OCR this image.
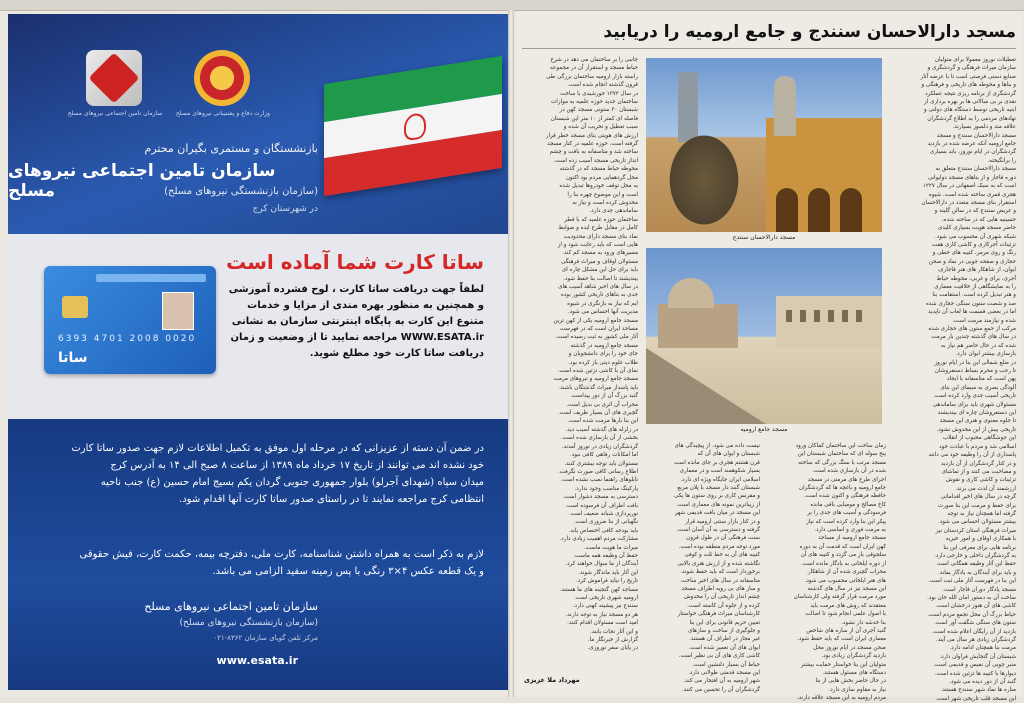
سازمان تامین اجتماعی نیروهای مسلح	وزارت دفاع و پشتیبانی نیروهای مسلح
بازنشستگان و مستمری بگیران محترم
سازمان تامین اجتماعی نیروهای مسلح	(سازمان بازنشستگی نیروهای مسلح)
در شهرستان کرج
6393 4701 2008 0020
ساتا
ساتا کارت شما آماده است
لطفاً جهت دریافت ساتا کارت ، لوح فشرده آموزشی
و همچنین به منظور بهره مندی از مزایا و خدمات
متنوع این کارت به پایگاه اینترنتی سازمان به نشانی
WWW.ESATA.ir مراجعه نمایید تا از وضعیت و زمان
دریافت ساتا کارت خود مطلع شوید.
در ضمن آن دسته از عزیزانی که در مرحله اول موفق به تکمیل اطلاعات لازم جهت صدور ساتا کارت
خود نشده اند می توانند از تاریخ ۱۷ خرداد ماه ۱۳۸۹ از ساعت ۸ صبح الی ۱۴ به آدرس کرج
میدان سپاه (شهدای آجرلو) بلوار جمهوری جنوبی گردان یکم بسیج امام حسین (ع) جنب ناحیه
انتظامی کرج مراجعه نمایند تا در راستای صدور ساتا کارت آنها اقدام شود.
لازم به ذکر است به همراه داشتن شناسنامه، کارت ملی، دفترچه بیمه، حکمت کارت، فیش حقوقی
و یک قطعه عکس ۴×۳ رنگی با پس زمینه سفید الزامی می باشد.
سازمان تامین اجتماعی نیروهای مسلح
(سازمان بازنشستگی نیروهای مسلح)
مرکز تلفن گویای سازمان ۸۳۶۲-۰۲۱
www.esata.ir
مسجد دارالاحسان سنندج و جامع ارومیه را دریابید
تعطیلات نوروز معمولا برای متولیان
سازمان میراث فرهنگی و گردشگری و
صنایع دستی فرصتی است تا با عرضه آثار
و بناها و محوطه های تاریخی و فرهنگی و
گردشگری از برنامه ریزی نتیجه عملکرد
نقدی بر بی مبالاتی ها بر بهره برداری از
ابنیه تاریخی توسط دستگاه های دولتی و
نهادهای مردمی را به اطلاع گردشگران
علاقه مند و دلسوز بسپارند.
مسجد دارالاحسان سنندج و مسجد
جامع ارومیه آنکه عرضه شده در بازدید
گردشگران در ایام نوروز، باید بسیاری
را برانگیخته.
مسجد دارالاحسان سنندج متعلق به
دوره قاجار و از بناهای مسجد دوایوانی
است که به سبک اصفهانی در سال ۱۲۲۷
هجری قمری ساخته شده است. شیوه
استقرار بنای مسجد متعدد در دارالاحسان
و عریض سنندج که در سالن گلبند و
حسینیه هایی که در ساخته شده،
حاضر مسجد هویت بسیاری کلیدی
شبکه شهری آن محسوب می شود.
تزئینات آجرکاری و کاشی کاری هفت
رنگ و روی مرمر، کتیبه های خطی و
حجاری و صفحه جوبی در نماد و صحن
ایوان، از شاهکار های هنر قاجاری،
آجری، برای و غربی، محوطه حیاط
را به نمایشگاهی از خلاقیت معماری
و هنر تبدیل کرده است. استقامت بنا
صد و شصت ستون سنگی حجاری شده
اما در بعضی قسمت ها لعاب آن ناپدید
شده و نیازمند مرمت است.
مرکب از جمع ستون های حجاری شده
در سال های گذشته چندین بار مرمت
شده که در حال حاضر هم نیاز به
بازسازی بیشتر ایوان دارد.
در ضلع شمالی این بنا در ایام نوروز
تا رجب و محرم بساط دستفروشان
پهن است که متاسفانه با ایجاد
آلودگی بصری به سیمای این بنای
تاریخی آسیب جدی وارد کرده است.
مسئولان شهری باید برای ساماندهی
این دستفروشان چاره ای بیندیشند
تا جلوه معنوی و هنری این مسجد
تاریخی بیش از این مخدوش نشود.
این جوشگاهی محبوب از انقلاب
اسلامی شد و مردم با عبادت خود
پاسداری از آن را وظیفه خود می دانند
و در کنار گردشگران از آن بازدید
و مصاحبت می کنند و از تماشای
تزئینات و کاشی کاری و نقوش
ارزشمند آن لذت می برند.
گرچه در سال های اخیر اقداماتی
برای حفظ و مرمت این بنا صورت
گرفته اما همچنان نیاز به توجه
بیشتر مسئولان احساس می شود.
میراث فرهنگی استان کردستان نیز
با همکاری اوقاف و امور خیریه
برنامه هایی برای معرفی این بنا
به گردشگران داخلی و خارجی دارد.
حفظ این آثار وظیفه همگانی است
و باید برای آیندگان به یادگار بماند.
این بنا در فهرست آثار ملی ثبت است.
مسجد یادگار دوران قاجار است.
ساخت آن به دستور امان الله خان بود.
کاشی های آن هنوز درخشان است.
حیاط بزرگ آن محل تجمع مردم است.
ستون های سنگی شگفت آور است.
بازدید از آن رایگان اعلام شده است.
گردشگران زیادی هر سال می آیند.
مرمت بنا همچنان ادامه دارد.
شبستان آن گنجایش فراوان دارد.
منبر چوبی آن نفیس و قدیمی است.
دیوارها با کتیبه ها تزئین شده است.
گنبد آن از دور دیده می شود.
مناره ها نماد شهر سنندج هستند.
این مسجد قلب تاریخی شهر است.
جانبی را بر ساختمان می دهد در شرح
حیاط مسجد و استقرار آن در مجموعه
راسته بازار ارومیه ساختمان بزرگی طی
قرون گذشته انجام شده است.
در سال ۱۳۷۲ خورشیدی با ساخت
ساختمان جدید حوزه علمیه به موازات
شبستان ۳۰ ستونی مسجد کهن در
فاصله ای کمتر از ۱۰ متر این شبستان
سبب تعطیل و تخریب آن شده و
ارزش های هویتی بنای مسجد خطر قرار
گرفته است. حوزه علمیه در کنار مسجد
ساخته شد و متاسفانه به بافت و چشم
انداز تاریخی مسجد آسیب زده است.
محوطه حیاط مسجد که در گذشته
محل گردهمایی مردم بود اکنون
به محل توقف خودروها تبدیل شده
است و این موضوع چهره بنا را
مخدوش کرده است و نیاز به
ساماندهی جدی دارد.
ساختمان حوزه علمیه که با قطر
کامل در مقابل طرح ایده و ضوابط
نماد بنای مسجد دارای محدودیت
هایی است که باید رعایت شود و از
مسیرهای ورود به مسجد کم کند.
مسئولان اوقاف و میراث فرهنگی
باید برای حل این مشکل چاره ای
بیندیشند تا اصالت بنا حفظ شود.
در سال های اخیر شاهد آسیب های
جدی به بناهای تاریخی کشور بوده
ایم که نیاز به بازنگری در شیوه
مدیریت آنها احساس می شود.
مسجد جامع ارومیه یکی از کهن ترین
مساجد ایران است که در فهرست
آثار ملی کشور به ثبت رسیده است.
مسجد جامع ارومیه در گذشته
جای خود را برای دانشجویان و
طلاب علوم دینی باز کرده بود.
نمای آن با کاشی تزئین شده است.
مسجد جامع ارومیه و نیروهای مرمت
باید پاسدار میراث گذشتگان باشند.
گنبد بزرگ آن از دور پیداست.
محراب آن اثری بی بدیل است.
گچبری های آن بسیار ظریف است.
این بنا بارها مرمت شده است.
در زلزله های گذشته آسیب دید.
بخشی از آن بازسازی شده است.
گردشگران زیادی در نوروز آمدند.
اما امکانات رفاهی کافی نبود.
مسئولان باید توجه بیشتری کنند.
اطلاع رسانی کافی صورت نگرفت.
تابلوهای راهنما نصب نشده است.
پارکینگ مناسب وجود ندارد.
دسترسی به مسجد دشوار است.
بافت اطراف آن فرسوده است.
نورپردازی شبانه ضعیف است.
نگهبانی از بنا ضروری است.
باید بودجه کافی اختصاص یابد.
مشارکت مردم اهمیت زیادی دارد.
میراث ما هویت ماست.
حفظ آن وظیفه همه ماست.
آیندگان از ما سوال خواهند کرد.
این آثار باید ماندگار شوند.
تاریخ را نباید فراموش کرد.
مساجد کهن گنجینه های ما هستند.
ارومیه شهری تاریخی است.
سنندج نیز پیشینه کهنی دارد.
هر دو مسجد نیاز به توجه دارند.
امید است مسئولان اقدام کنند.
و این آثار نجات یابند.
گزارش از خبرنگار ما.
در پایان سفر نوروزی.
زمان ساخت این ساختمان کماکان ورود
پنج سوله ای که ساختمان شبستان این
مسجد مرتب با سنگ بزرگی که ساخته
شده در آن بازسازی شده است.
اجرای طرح های مرمتی در مسجد
جامع ارومیه و باغچه ها که گردشگران
حافظه فرهنگی و اکنون شده است.
کاخ مصالح و مومیایی باقی مانده
فرسودگی و آسیب های جدی را بر
پیکر این بنا وارد کرده است که نیاز
به مرمت فوری و اساسی دارد.
مسجد جامع ارومیه از مساجد
کهن ایران است که قدمت آن به دوره
سلجوقی باز می گردد و کتیبه های آن
از دوره ایلخانی به یادگار مانده است.
محراب گچبری شده آن از شاهکار
های هنر ایلخانی محسوب می شود.
این مسجد نیز در سال های گذشته
مورد مرمت قرار گرفته ولی کارشناسان
معتقدند که روش های مرمت باید
با اصول علمی انجام شود تا اصالت
بنا خدشه دار نشود.
گنبد آجری آن از سازه های شاخص
معماری ایران است که باید حفظ شود.
صحن مسجد در ایام نوروز محل
بازدید گردشگران زیادی بود.
متولیان این بنا خواستار حمایت بیشتر
دستگاه های مسئول هستند.
در حال حاضر بخش هایی از بنا
نیاز به مقاوم سازی دارد.
مردم ارومیه به این مسجد علاقه دارند.
نیست داده می شود. از پیچیدگی های
شبستان و ایوان های آن که
قرن هشتم هجری بر جای مانده است
بسیار شکوهمند است و در معماری
اسلامی ایران جایگاه ویژه ای دارد.
شبستان گنبد دار مسجد با پلان مربع
و مقرنس کاری بر روی ستون ها یکی
از زیباترین نمونه های معماری است.
این مسجد در میان بافت قدیمی شهر
و در کنار بازار سنتی ارومیه قرار
گرفته و دسترسی به آن آسان است.
سنت فرهنگی آن در طول قرون
مورد توجه مردم منطقه بوده است.
کتیبه های آن به خط ثلث و کوفی
نگاشته شده و از ارزش هنری بالایی
برخوردار است که باید حفظ شوند.
متاسفانه در سال های اخیر ساخت
و ساز های بی رویه اطراف مسجد
چشم انداز تاریخی آن را مخدوش
کرده و از جلوه آن کاسته است.
کارشناسان میراث فرهنگی خواستار
تعیین حریم قانونی برای این بنا
و جلوگیری از ساخت و سازهای
غیر مجاز در اطراف آن هستند.
ایوان های آن تعمیر شده است.
کاشی کاری های آن بی نظیر است.
حیاط آن بسیار دلنشین است.
این مسجد قدمتی طولانی دارد.
شهر ارومیه به آن افتخار می کند.
گردشگران آن را تحسین می کنند.
مسجد دارالاحسان سنندج
مسجد جامع ارومیه
مهرداد ملا عزیزی
